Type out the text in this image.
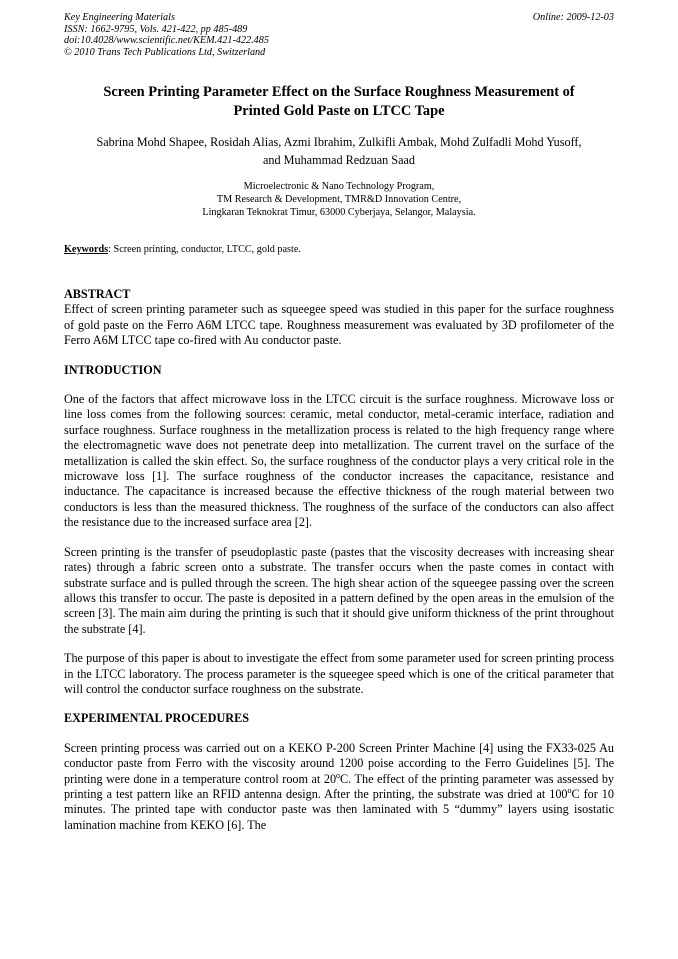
Key Engineering Materials
ISSN: 1662-9795, Vols. 421-422, pp 485-489
doi:10.4028/www.scientific.net/KEM.421-422.485
© 2010 Trans Tech Publications Ltd, Switzerland
Online: 2009-12-03
Screen Printing Parameter Effect on the Surface Roughness Measurement of
Printed Gold Paste on LTCC Tape
Sabrina Mohd Shapee, Rosidah Alias, Azmi Ibrahim, Zulkifli Ambak, Mohd Zulfadli Mohd Yusoff,
and Muhammad Redzuan Saad
Microelectronic & Nano Technology Program,
TM Research & Development, TMR&D Innovation Centre,
Lingkaran Teknokrat Timur, 63000 Cyberjaya, Selangor, Malaysia.
Keywords: Screen printing, conductor, LTCC, gold paste.

ABSTRACT

Effect of screen printing parameter such as squeegee speed was studied in this paper for the surface roughness of gold paste on the Ferro A6M LTCC tape. Roughness measurement was evaluated by 3D profilometer of the Ferro A6M LTCC tape co-fired with Au conductor paste.

INTRODUCTION

One of the factors that affect microwave loss in the LTCC circuit is the surface roughness. Microwave loss or line loss comes from the following sources: ceramic, metal conductor, metal-ceramic interface, radiation and surface roughness. Surface roughness in the metallization process is related to the high frequency range where the electromagnetic wave does not penetrate deep into metallization. The current travel on the surface of the metallization is called the skin effect. So, the surface roughness of the conductor plays a very critical role in the microwave loss [1]. The surface roughness of the conductor increases the capacitance, resistance and inductance. The capacitance is increased because the effective thickness of the rough material between two conductors is less than the measured thickness. The roughness of the surface of the conductors can also affect the resistance due to the increased surface area [2].

Screen printing is the transfer of pseudoplastic paste (pastes that the viscosity decreases with increasing shear rates) through a fabric screen onto a substrate. The transfer occurs when the paste comes in contact with substrate surface and is pulled through the screen. The high shear action of the squeegee passing over the screen allows this transfer to occur. The paste is deposited in a pattern defined by the open areas in the emulsion of the screen [3]. The main aim during the printing is such that it should give uniform thickness of the print throughout the substrate [4].

The purpose of this paper is about to investigate the effect from some parameter used for screen printing process in the LTCC laboratory. The process parameter is the squeegee speed which is one of the critical parameter that will control the conductor surface roughness on the substrate.

EXPERIMENTAL PROCEDURES

Screen printing process was carried out on a KEKO P-200 Screen Printer Machine [4] using the FX33-025 Au conductor paste from Ferro with the viscosity around 1200 poise according to the Ferro Guidelines [5]. The printing were done in a temperature control room at 20$^o$C. The effect of the printing parameter was assessed by printing a test pattern like an RFID antenna design. After the printing, the substrate was dried at 100$^o$C for 10 minutes. The printed tape with conductor paste was then laminated with 5 “dummy” layers using isostatic lamination machine from KEKO [6]. The
